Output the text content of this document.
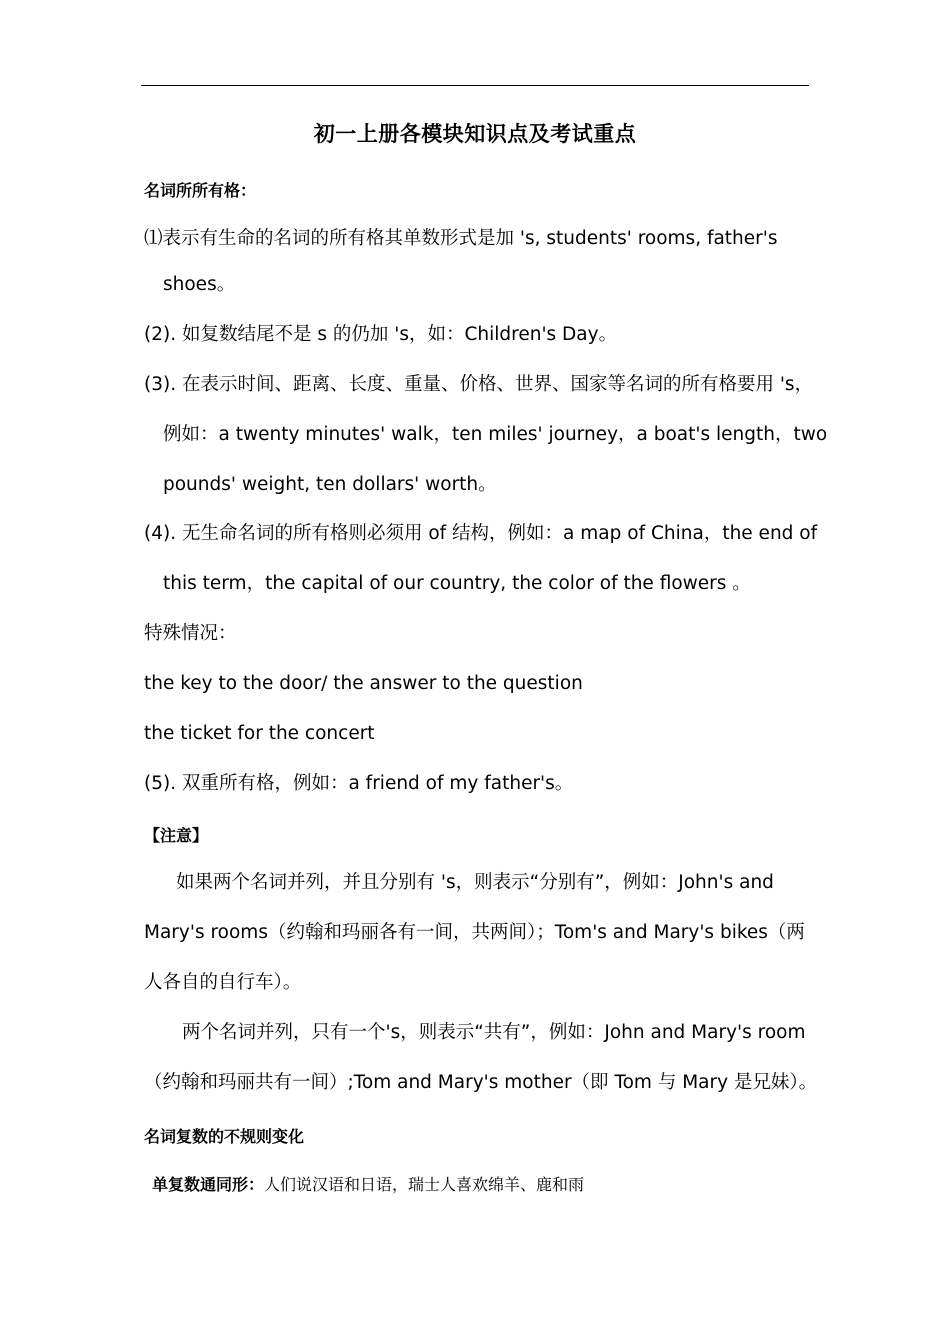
初一上册各模块知识点及考试重点
名词所所有格：
⑴表示有生命的名词的所有格其单数形式是加 's, students' rooms, father's
shoes。
(2). 如复数结尾不是 s 的仍加 's，如：Children's Day。
(3). 在表示时间、距离、长度、重量、价格、世界、国家等名词的所有格要用 's，
例如：a twenty minutes' walk，ten miles' journey，a boat's length，two
pounds' weight, ten dollars' worth。
(4). 无生命名词的所有格则必须用 of 结构，例如：a map of China，the end of
this term，the capital of our country, the color of the flowers 。
特殊情况：
the key to the door/ the answer to the question
the ticket for the concert
(5). 双重所有格，例如：a friend of my father's。
【注意】
如果两个名词并列，并且分别有 's，则表示“分别有”，例如：John's and
Mary's rooms（约翰和玛丽各有一间，共两间）；Tom's and Mary's bikes（两
人各自的自行车）。
两个名词并列，只有一个's，则表示“共有”，例如：John and Mary's room
（约翰和玛丽共有一间）;Tom and Mary's mother（即 Tom 与 Mary 是兄妹）。
名词复数的不规则变化
单复数通同形：人们说汉语和日语，瑞士人喜欢绵羊、鹿和雨
